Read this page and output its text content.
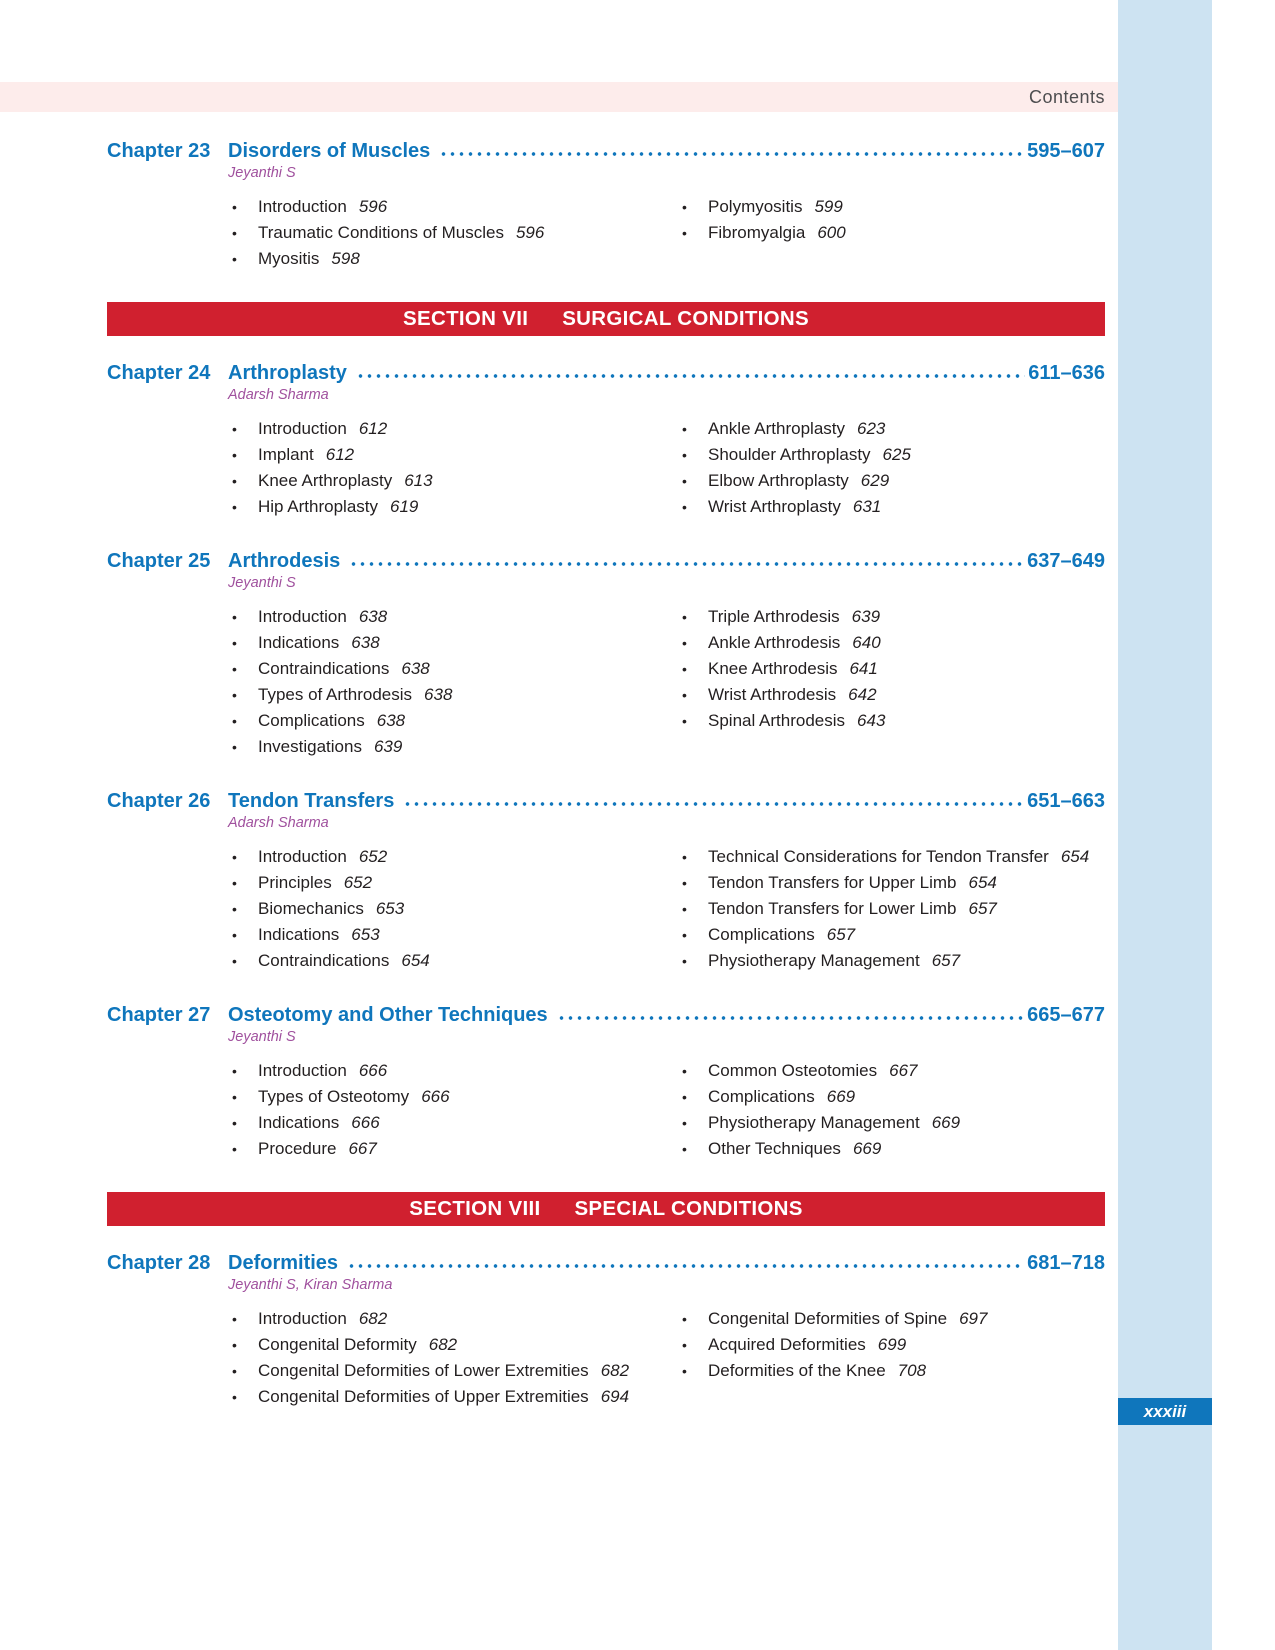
Contents
Chapter 23 Disorders of Muscles	595–607
Jeyanthi S
•	Introduction 596
•	Traumatic Conditions of Muscles 596
•	Myositis 598
•	Polymyositis 599
•	Fibromyalgia 600
SECTION VII SURGICAL CONDITIONS
Chapter 24 Arthroplasty	611–636
Adarsh Sharma
•	Introduction 612
•	Implant 612
•	Knee Arthroplasty 613
•	Hip Arthroplasty 619
•	Ankle Arthroplasty 623
•	Shoulder Arthroplasty 625
•	Elbow Arthroplasty 629
•	Wrist Arthroplasty 631
Chapter 25 Arthrodesis	637–649
Jeyanthi S
•	Introduction 638
•	Indications 638
•	Contraindications 638
•	Types of Arthrodesis 638
•	Complications 638
•	Investigations 639
•	Triple Arthrodesis 639
•	Ankle Arthrodesis 640
•	Knee Arthrodesis 641
•	Wrist Arthrodesis 642
•	Spinal Arthrodesis 643
Chapter 26 Tendon Transfers	651–663
Adarsh Sharma
•	Introduction 652
•	Principles 652
•	Biomechanics 653
•	Indications 653
•	Contraindications 654
•	Technical Considerations for Tendon Transfer 654
•	Tendon Transfers for Upper Limb 654
•	Tendon Transfers for Lower Limb 657
•	Complications 657
•	Physiotherapy Management 657
Chapter 27 Osteotomy and Other Techniques	665–677
Jeyanthi S
•	Introduction 666
•	Types of Osteotomy 666
•	Indications 666
•	Procedure 667
•	Common Osteotomies 667
•	Complications 669
•	Physiotherapy Management 669
•	Other Techniques 669
SECTION VIII SPECIAL CONDITIONS
Chapter 28 Deformities	681–718
Jeyanthi S, Kiran Sharma
•	Introduction 682
•	Congenital Deformity 682
•	Congenital Deformities of Lower Extremities 682
•	Congenital Deformities of Upper Extremities 694
•	Congenital Deformities of Spine 697
•	Acquired Deformities 699
•	Deformities of the Knee 708
xxxiii
